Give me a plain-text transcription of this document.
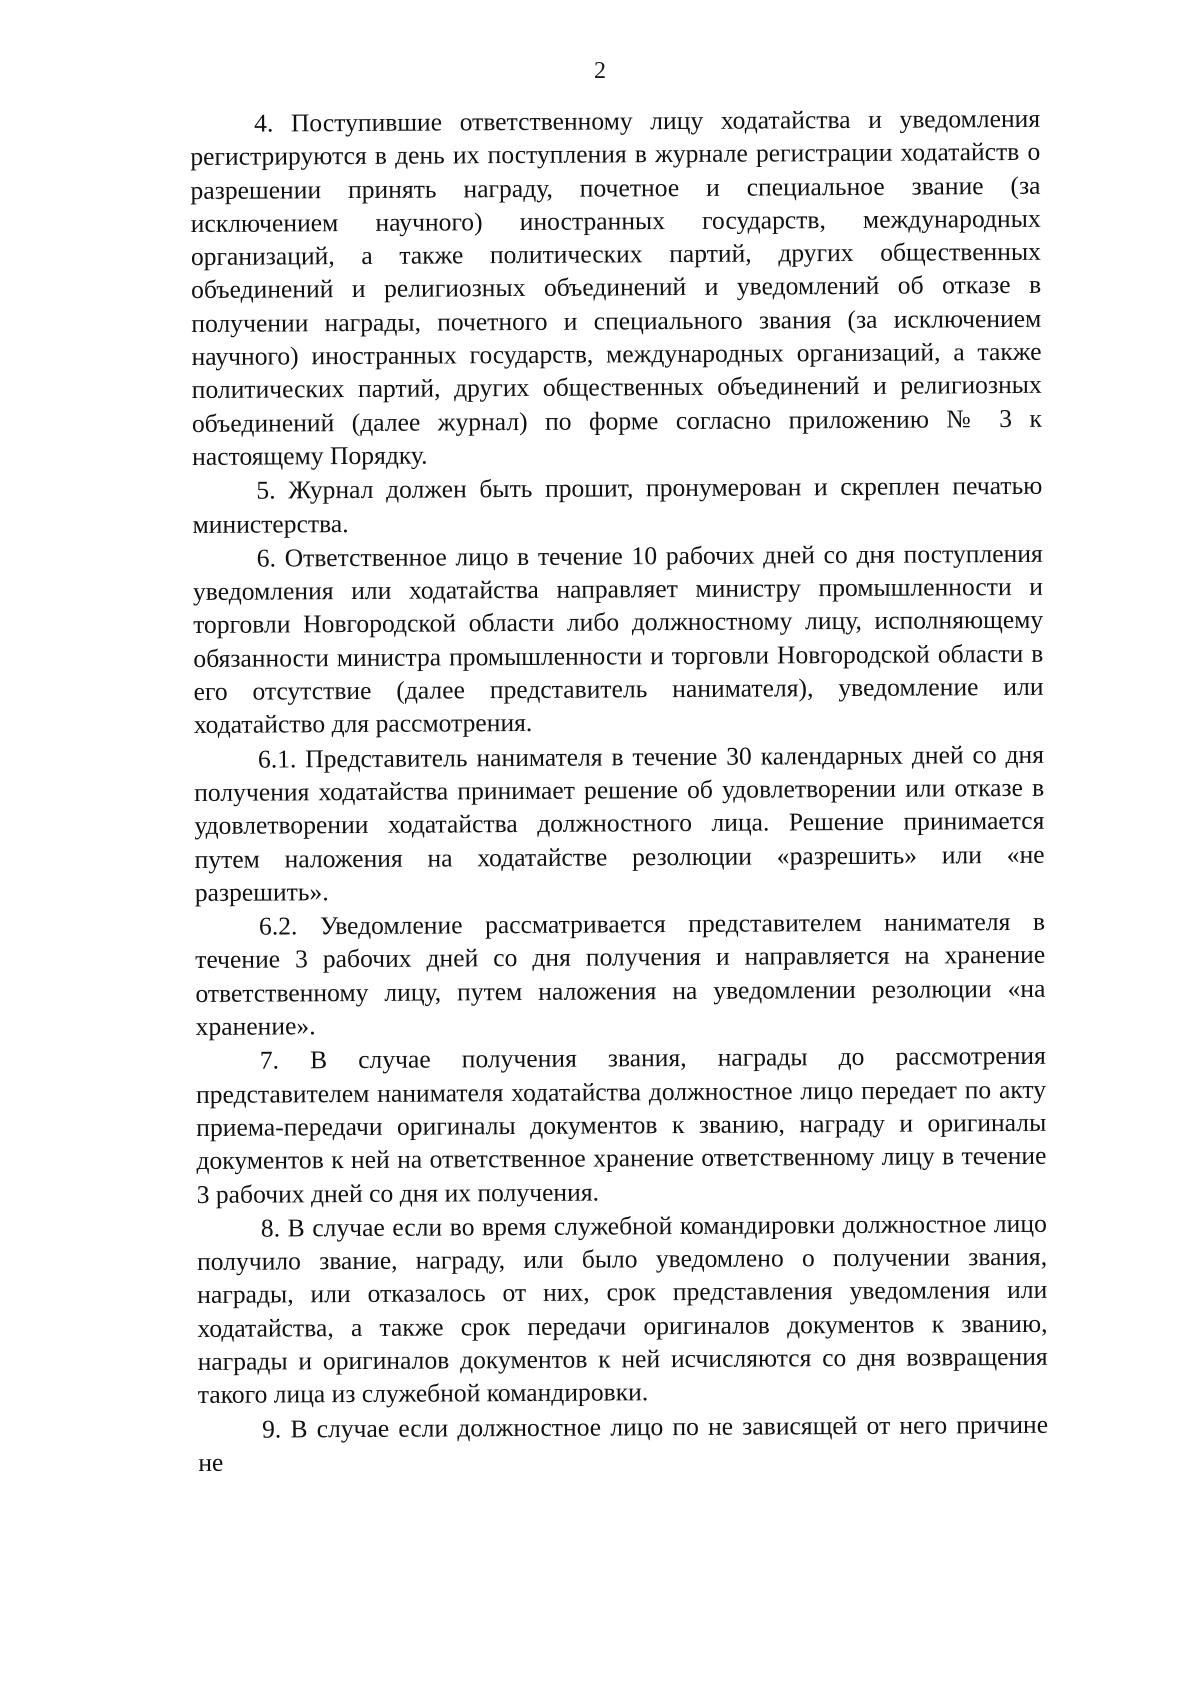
2

4. Поступившие ответственному лицу ходатайства и уведомления регистрируются в день их поступления в журнале регистрации ходатайств о разрешении принять награду, почетное и специальное звание (за исключением научного) иностранных государств, международных организаций, а также политических партий, других общественных объединений и религиозных объединений и уведомлений об отказе в получении награды, почетного и специального звания (за исключением научного) иностранных государств, международных организаций, а также политических партий, других общественных объединений и религиозных объединений (далее журнал) по форме согласно приложению № 3 к настоящему Порядку.

5. Журнал должен быть прошит, пронумерован и скреплен печатью министерства.

6. Ответственное лицо в течение 10 рабочих дней со дня поступления уведомления или ходатайства направляет министру промышленности и торговли Новгородской области либо должностному лицу, исполняющему обязанности министра промышленности и торговли Новгородской области в его отсутствие (далее представитель нанимателя), уведомление или ходатайство для рассмотрения.

6.1. Представитель нанимателя в течение 30 календарных дней со дня получения ходатайства принимает решение об удовлетворении или отказе в удовлетворении ходатайства должностного лица. Решение принимается путем наложения на ходатайстве резолюции «разрешить» или «не разрешить».

6.2. Уведомление рассматривается представителем нанимателя в течение 3 рабочих дней со дня получения и направляется на хранение ответственному лицу, путем наложения на уведомлении резолюции «на хранение».

7. В случае получения звания, награды до рассмотрения представителем нанимателя ходатайства должностное лицо передает по акту приема-передачи оригиналы документов к званию, награду и оригиналы документов к ней на ответственное хранение ответственному лицу в течение 3 рабочих дней со дня их получения.

8. В случае если во время служебной командировки должностное лицо получило звание, награду, или было уведомлено о получении звания, награды, или отказалось от них, срок представления уведомления или ходатайства, а также срок передачи оригиналов документов к званию, награды и оригиналов документов к ней исчисляются со дня возвращения такого лица из служебной командировки.

9. В случае если должностное лицо по не зависящей от него причине не
